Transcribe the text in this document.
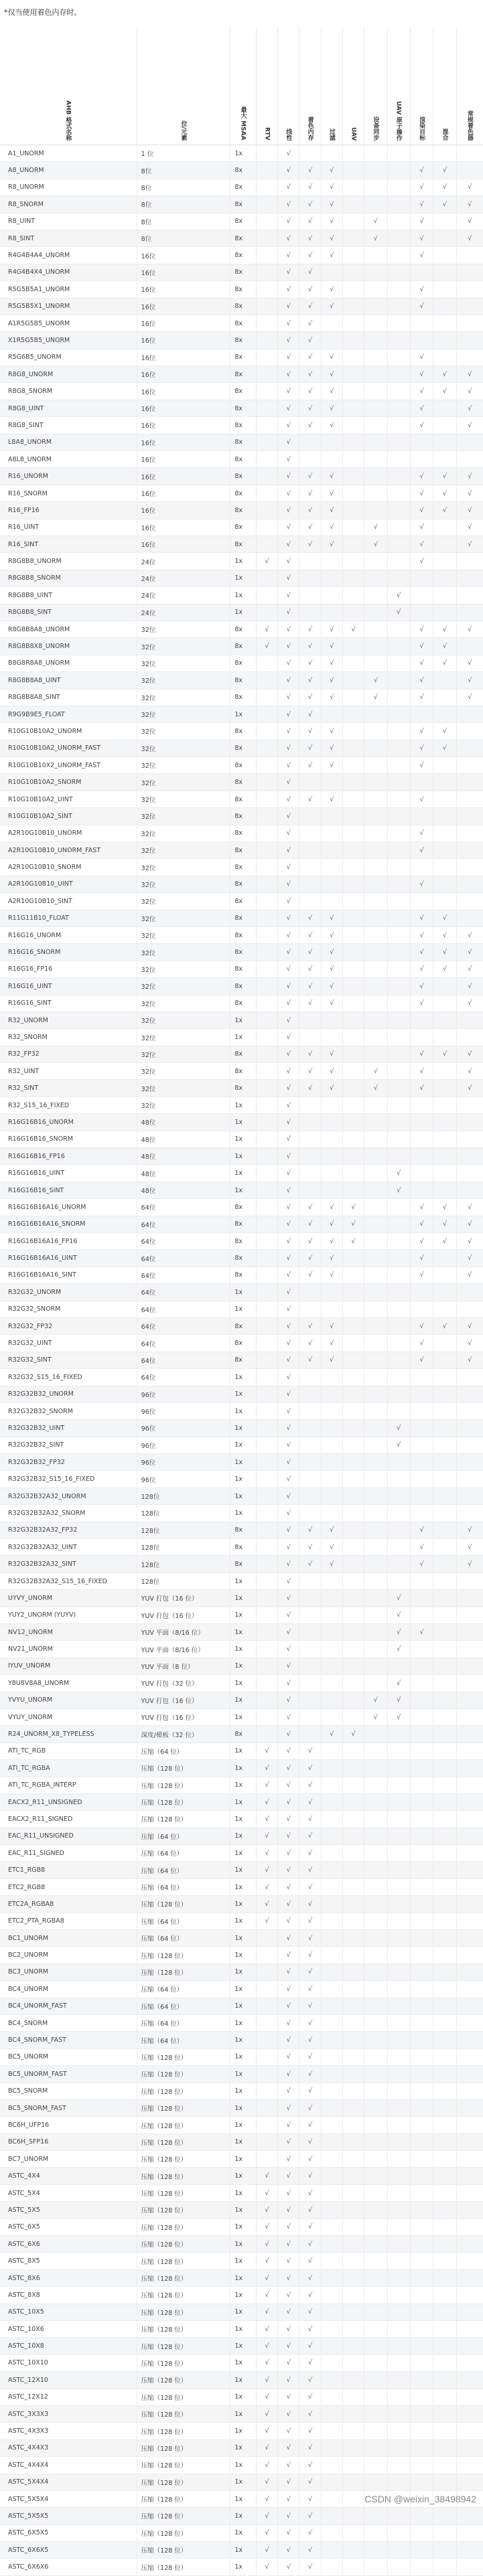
*仅当使用着色内存时。
AHB 格式名称	位/元素	最大 MSAA	RTV	线性	着色内存	过滤	UAV	设备同步	UAV 原子操作	渲染目标	混合	常规着色器

A1_UNORM	1 位	1x		√								
A8_UNORM	8位	8x		√	√	√				√	√	
R8_UNORM	8位	8x		√	√	√				√	√	√
R8_SNORM	8位	8x		√	√	√				√	√	√
R8_UINT	8位	8x		√	√	√		√		√		√
R8_SINT	8位	8x		√	√	√		√		√		√
R4G4B4A4_UNORM	16位	8x		√	√	√				√		
R4G4B4X4_UNORM	16位	8x		√	√							
R5G5B5A1_UNORM	16位	8x		√	√	√				√		
R5G5B5X1_UNORM	16位	8x		√	√	√				√		
A1R5G5B5_UNORM	16位	8x		√	√							
X1R5G5B5_UNORM	16位	8x		√	√							
R5G6B5_UNORM	16位	8x		√	√	√				√		
R8G8_UNORM	16位	8x		√	√	√				√	√	√
R8G8_SNORM	16位	8x		√	√	√				√	√	√
R8G8_UINT	16位	8x		√	√	√				√		√
R8G8_SINT	16位	8x		√	√	√				√		√
L8A8_UNORM	16位	8x		√								
A8L8_UNORM	16位	8x		√								
R16_UNORM	16位	8x		√	√	√				√	√	√
R16_SNORM	16位	8x		√	√	√				√	√	√
R16_FP16	16位	8x		√	√	√				√	√	√
R16_UINT	16位	8x		√	√	√		√		√		√
R16_SINT	16位	8x		√	√	√		√		√		√
R8G8B8_UNORM	24位	1x	√	√						√		
R8G8B8_SNORM	24位	1x		√								
R8G8B8_UINT	24位	1x		√					√			
R8G8B8_SINT	24位	1x		√					√			
R8G8B8A8_UNORM	32位	8x	√	√	√	√	√			√	√	√
R8G8B8X8_UNORM	32位	8x	√	√	√	√				√	√	
B8G8R8A8_UNORM	32位	8x		√	√	√				√	√	√
R8G8B8A8_UINT	32位	8x		√	√	√		√		√		√
R8G8B8A8_SINT	32位	8x		√	√	√		√		√		√
R9G9B9E5_FLOAT	32位	1x		√	√							
R10G10B10A2_UNORM	32位	8x		√	√	√				√	√	
R10G10B10A2_UNORM_FAST	32位	8x		√	√	√				√	√	
R10G10B10X2_UNORM_FAST	32位	8x		√	√	√				√		
R10G10B10A2_SNORM	32位	8x		√								
R10G10B10A2_UINT	32位	8x		√	√	√				√		
R10G10B10A2_SINT	32位	8x		√								
A2R10G10B10_UNORM	32位	8x		√						√		
A2R10G10B10_UNORM_FAST	32位	8x		√						√		
A2R10G10B10_SNORM	32位	8x		√								
A2R10G10B10_UINT	32位	8x		√						√		
A2R10G10B10_SINT	32位	8x		√								
R11G11B10_FLOAT	32位	8x		√	√	√				√	√	
R16G16_UNORM	32位	8x		√	√	√				√	√	√
R16G16_SNORM	32位	8x		√	√	√				√	√	√
R16G16_FP16	32位	8x		√	√	√				√	√	√
R16G16_UINT	32位	8x		√	√	√				√		√
R16G16_SINT	32位	8x		√	√	√				√		√
R32_UNORM	32位	1x		√								
R32_SNORM	32位	1x		√								
R32_FP32	32位	8x		√	√	√				√	√	√
R32_UINT	32位	8x		√	√	√		√		√		√
R32_SINT	32位	8x		√	√	√		√		√		√
R32_S15_16_FIXED	32位	1x		√								
R16G16B16_UNORM	48位	1x		√								
R16G16B16_SNORM	48位	1x		√								
R16G16B16_FP16	48位	1x		√								
R16G16B16_UINT	48位	1x		√					√			
R16G16B16_SINT	48位	1x		√					√			
R16G16B16A16_UNORM	64位	8x		√	√	√	√			√	√	√
R16G16B16A16_SNORM	64位	8x		√	√	√	√			√	√	√
R16G16B16A16_FP16	64位	8x		√	√	√	√			√	√	√
R16G16B16A16_UINT	64位	8x		√	√	√				√		√
R16G16B16A16_SINT	64位	8x		√	√	√				√		√
R32G32_UNORM	64位	1x		√								
R32G32_SNORM	64位	1x		√								
R32G32_FP32	64位	8x		√	√	√				√	√	√
R32G32_UINT	64位	8x		√	√	√				√		√
R32G32_SINT	64位	8x		√	√	√				√		√
R32G32_S15_16_FIXED	64位	1x		√								
R32G32B32_UNORM	96位	1x		√								
R32G32B32_SNORM	96位	1x		√								
R32G32B32_UINT	96位	1x		√					√			
R32G32B32_SINT	96位	1x		√					√			
R32G32B32_FP32	96位	1x		√								
R32G32B32_S15_16_FIXED	96位	1x		√								
R32G32B32A32_UNORM	128位	1x		√								
R32G32B32A32_SNORM	128位	1x		√								
R32G32B32A32_FP32	128位	8x		√	√	√				√		√
R32G32B32A32_UINT	128位	8x		√	√	√				√		√
R32G32B32A32_SINT	128位	8x		√	√	√				√		√
R32G32B32A32_S15_16_FIXED	128位	1x		√								
UYVY_UNORM	YUV 打包（16 位）	1x		√					√			
YUY2_UNORM (YUYV)	YUV 打包（16 位）	1x		√					√			
NV12_UNORM	YUV 平面（8/16 位）	1x		√					√	√		
NV21_UNORM	YUV 平面（8/16 位）	1x		√					√			
IYUV_UNORM	YUV 平面（8 位）	1x		√								
Y8U8V8A8_UNORM	YUV 打包（32 位）	1x		√					√			
YVYU_UNORM	YUV 打包（16 位）	1x		√				√	√			
VYUY_UNORM	YUV 打包（16 位）	1x		√				√	√			
R24_UNORM_X8_TYPELESS	深度/模板（32 位）	8x		√		√	√					
ATI_TC_RGB	压缩（64 位）	1x	√	√	√							
ATI_TC_RGBA	压缩（128 位）	1x	√	√	√							
ATI_TC_RGBA_INTERP	压缩（128 位）	1x	√	√	√							
EACX2_R11_UNSIGNED	压缩（128 位）	1x	√	√	√							
EACX2_R11_SIGNED	压缩（128 位）	1x	√	√	√							
EAC_R11_UNSIGNED	压缩（64 位）	1x	√	√	√							
EAC_R11_SIGNED	压缩（64 位）	1x	√	√	√							
ETC1_RGB8	压缩（64 位）	1x	√	√	√							
ETC2_RGB8	压缩（64 位）	1x	√	√	√							
ETC2A_RGBA8	压缩（128 位）	1x	√	√	√							
ETC2_PTA_RGBA8	压缩（64 位）	1x	√	√	√							
BC1_UNORM	压缩（64 位）	1x		√	√							
BC2_UNORM	压缩（128 位）	1x		√	√							
BC3_UNORM	压缩（128 位）	1x		√	√							
BC4_UNORM	压缩（64 位）	1x		√	√							
BC4_UNORM_FAST	压缩（64 位）	1x		√	√							
BC4_SNORM	压缩（64 位）	1x		√	√							
BC4_SNORM_FAST	压缩（64 位）	1x		√	√							
BC5_UNORM	压缩（128 位）	1x		√	√							
BC5_UNORM_FAST	压缩（128 位）	1x		√	√							
BC5_SNORM	压缩（128 位）	1x		√	√							
BC5_SNORM_FAST	压缩（128 位）	1x		√	√							
BC6H_UFP16	压缩（128 位）	1x		√	√							
BC6H_SFP16	压缩（128 位）	1x		√	√							
BC7_UNORM	压缩（128 位）	1x		√	√							
ASTC_4X4	压缩（128 位）	1x	√	√	√							
ASTC_5X4	压缩（128 位）	1x	√	√	√							
ASTC_5X5	压缩（128 位）	1x	√	√	√							
ASTC_6X5	压缩（128 位）	1x	√	√	√							
ASTC_6X6	压缩（128 位）	1x	√	√	√							
ASTC_8X5	压缩（128 位）	1x	√	√	√							
ASTC_8X6	压缩（128 位）	1x	√	√	√							
ASTC_8X8	压缩（128 位）	1x	√	√	√							
ASTC_10X5	压缩（128 位）	1x	√	√	√							
ASTC_10X6	压缩（128 位）	1x	√	√	√							
ASTC_10X8	压缩（128 位）	1x	√	√	√							
ASTC_10X10	压缩（128 位）	1x	√	√	√							
ASTC_12X10	压缩（128 位）	1x	√	√	√							
ASTC_12X12	压缩（128 位）	1x	√	√	√							
ASTC_3X3X3	压缩（128 位）	1x	√	√	√							
ASTC_4X3X3	压缩（128 位）	1x	√	√	√							
ASTC_4X4X3	压缩（128 位）	1x	√	√	√							
ASTC_4X4X4	压缩（128 位）	1x	√	√	√							
ASTC_5X4X4	压缩（128 位）	1x	√	√	√							
ASTC_5X5X4	压缩（128 位）	1x	√	√	√							
ASTC_5X5X5	压缩（128 位）	1x	√	√	√							
ASTC_6X5X5	压缩（128 位）	1x	√	√	√							
ASTC_6X6X5	压缩（128 位）	1x	√	√	√							
ASTC_6X6X6	压缩（128 位）	1x	√	√	√							
CSDN @weixin_38498942
